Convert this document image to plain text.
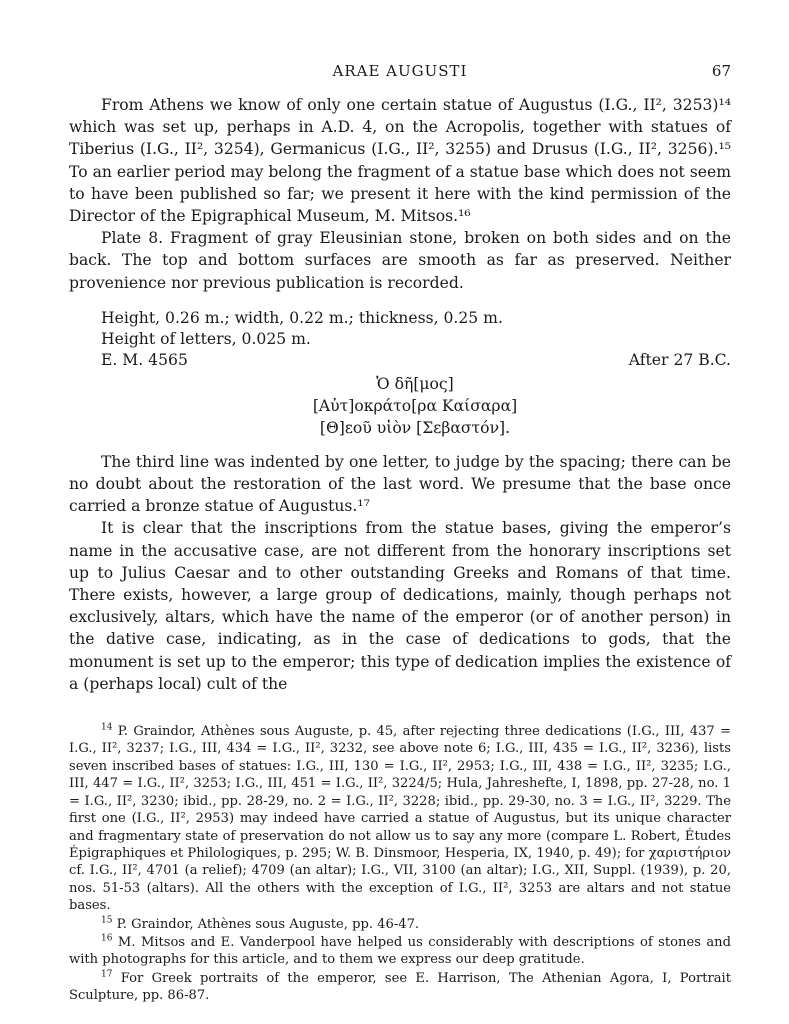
ARAE AUGUSTI	67

From Athens we know of only one certain statue of Augustus (I.G., II², 3253)¹⁴ which was set up, perhaps in A.D. 4, on the Acropolis, together with statues of Tiberius (I.G., II², 3254), Germanicus (I.G., II², 3255) and Drusus (I.G., II², 3256).¹⁵ To an earlier period may belong the fragment of a statue base which does not seem to have been published so far; we present it here with the kind permission of the Director of the Epigraphical Museum, M. Mitsos.¹⁶

Plate 8. Fragment of gray Eleusinian stone, broken on both sides and on the back. The top and bottom surfaces are smooth as far as preserved. Neither provenience nor previous publication is recorded.

Height, 0.26 m.; width, 0.22 m.; thickness, 0.25 m.
Height of letters, 0.025 m.
E. M. 4565	After 27 B.C.
Ὁ δῆ[μος]
[Αὐτ]οκράτο[ρα Καίσαρα]
[Θ]εοῦ υἱὸν [Σεβαστόν].

The third line was indented by one letter, to judge by the spacing; there can be no doubt about the restoration of the last word. We presume that the base once carried a bronze statue of Augustus.¹⁷

It is clear that the inscriptions from the statue bases, giving the emperor’s name in the accusative case, are not different from the honorary inscriptions set up to Julius Caesar and to other outstanding Greeks and Romans of that time. There exists, however, a large group of dedications, mainly, though perhaps not exclusively, altars, which have the name of the emperor (or of another person) in the dative case, indicating, as in the case of dedications to gods, that the monument is set up to the emperor; this type of dedication implies the existence of a (perhaps local) cult of the

$^{14}$ P. Graindor, Athènes sous Auguste, p. 45, after rejecting three dedications (I.G., III, 437 = I.G., II², 3237; I.G., III, 434 = I.G., II², 3232, see above note 6; I.G., III, 435 = I.G., II², 3236), lists seven inscribed bases of statues: I.G., III, 130 = I.G., II², 2953; I.G., III, 438 = I.G., II², 3235; I.G., III, 447 = I.G., II², 3253; I.G., III, 451 = I.G., II², 3224/5; Hula, Jahreshefte, I, 1898, pp. 27-28, no. 1 = I.G., II², 3230; ibid., pp. 28-29, no. 2 = I.G., II², 3228; ibid., pp. 29-30, no. 3 = I.G., II², 3229. The first one (I.G., II², 2953) may indeed have carried a statue of Augustus, but its unique character and fragmentary state of preservation do not allow us to say any more (compare L. Robert, Études Épigraphiques et Philologiques, p. 295; W. B. Dinsmoor, Hesperia, IX, 1940, p. 49); for χαριστήριον cf. I.G., II², 4701 (a relief); 4709 (an altar); I.G., VII, 3100 (an altar); I.G., XII, Suppl. (1939), p. 20, nos. 51-53 (altars). All the others with the exception of I.G., II², 3253 are altars and not statue bases.

$^{15}$ P. Graindor, Athènes sous Auguste, pp. 46-47.

$^{16}$ M. Mitsos and E. Vanderpool have helped us considerably with descriptions of stones and with photographs for this article, and to them we express our deep gratitude.

$^{17}$ For Greek portraits of the emperor, see E. Harrison, The Athenian Agora, I, Portrait Sculpture, pp. 86-87.
